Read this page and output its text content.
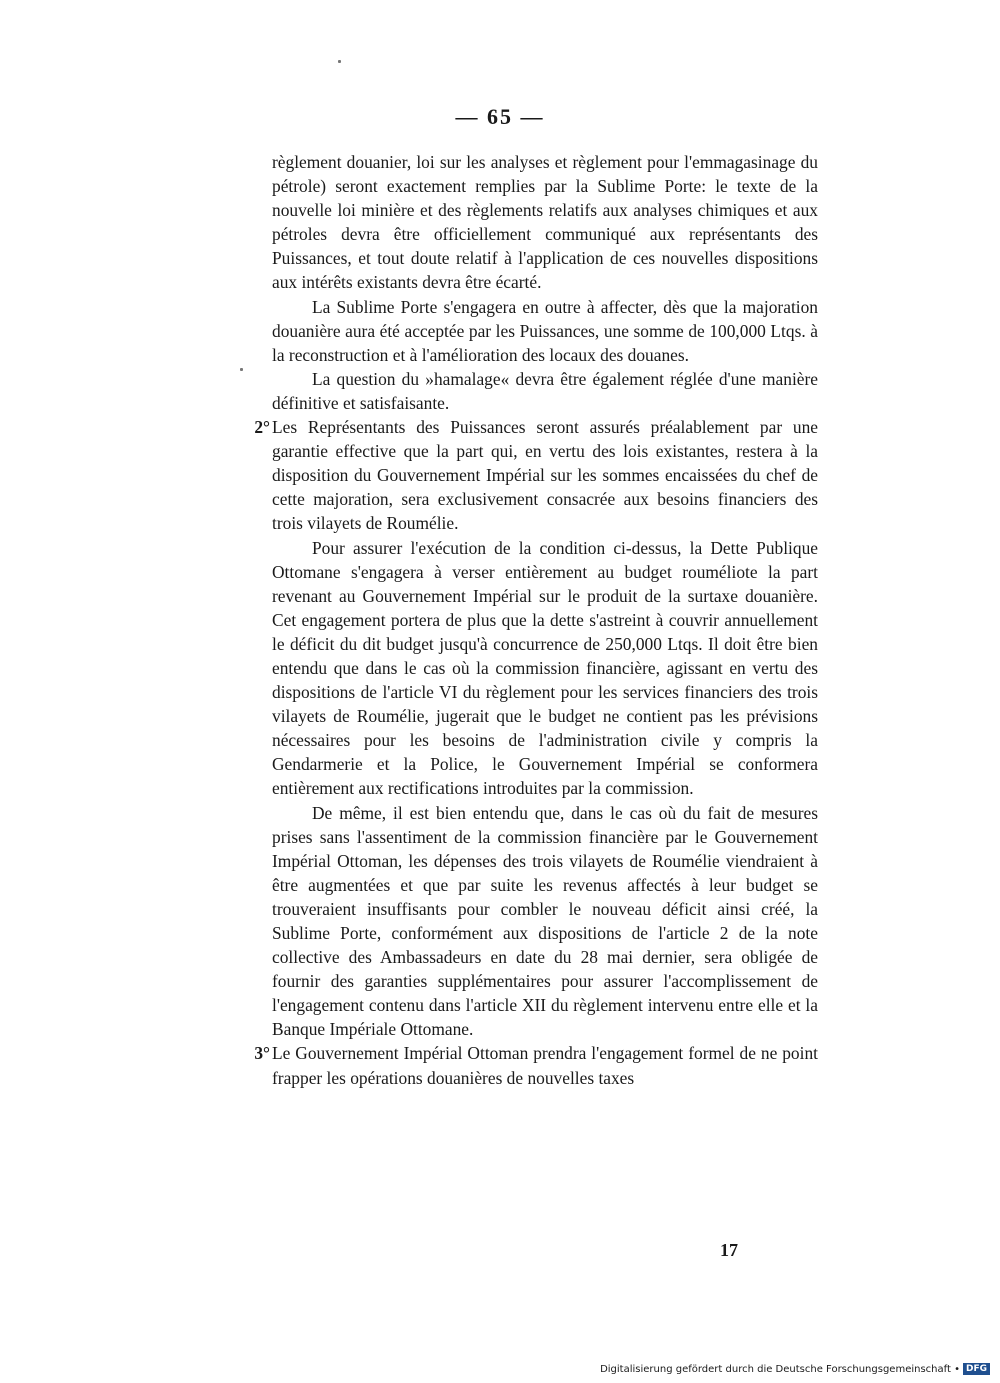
— 65 —

règlement douanier, loi sur les analyses et règlement pour l'emmagasinage du pétrole) seront exactement remplies par la Sublime Porte: le texte de la nouvelle loi minière et des règlements relatifs aux analyses chimiques et aux pétroles devra être officiellement communiqué aux représentants des Puissances, et tout doute relatif à l'application de ces nouvelles dispositions aux intérêts existants devra être écarté.

La Sublime Porte s'engagera en outre à affecter, dès que la majoration douanière aura été acceptée par les Puissances, une somme de 100,000 Ltqs. à la reconstruction et à l'amélioration des locaux des douanes.

La question du »hamalage« devra être également réglée d'une manière définitive et satisfaisante.

2° Les Représentants des Puissances seront assurés préalablement par une garantie effective que la part qui, en vertu des lois existantes, restera à la disposition du Gouvernement Impérial sur les sommes encaissées du chef de cette majoration, sera exclusivement consacrée aux besoins financiers des trois vilayets de Roumélie.

Pour assurer l'exécution de la condition ci-dessus, la Dette Publique Ottomane s'engagera à verser entièrement au budget rouméliote la part revenant au Gouvernement Impérial sur le produit de la surtaxe douanière. Cet engagement portera de plus que la dette s'astreint à couvrir annuellement le déficit du dit budget jusqu'à concurrence de 250,000 Ltqs. Il doit être bien entendu que dans le cas où la commission financière, agissant en vertu des dispositions de l'article VI du règlement pour les services financiers des trois vilayets de Roumélie, jugerait que le budget ne contient pas les prévisions nécessaires pour les besoins de l'administration civile y compris la Gendarmerie et la Police, le Gouvernement Impérial se conformera entièrement aux rectifications introduites par la commission.

De même, il est bien entendu que, dans le cas où du fait de mesures prises sans l'assentiment de la commission financière par le Gouvernement Impérial Ottoman, les dépenses des trois vilayets de Roumélie viendraient à être augmentées et que par suite les revenus affectés à leur budget se trouveraient insuffisants pour combler le nouveau déficit ainsi créé, la Sublime Porte, conformément aux dispositions de l'article 2 de la note collective des Ambassadeurs en date du 28 mai dernier, sera obligée de fournir des garanties supplémentaires pour assurer l'accomplissement de l'engagement contenu dans l'article XII du règlement intervenu entre elle et la Banque Impériale Ottomane.

3° Le Gouvernement Impérial Ottoman prendra l'engagement formel de ne point frapper les opérations douanières de nouvelles taxes

17
Digitalisierung gefördert durch die Deutsche Forschungsgemeinschaft • DFG
